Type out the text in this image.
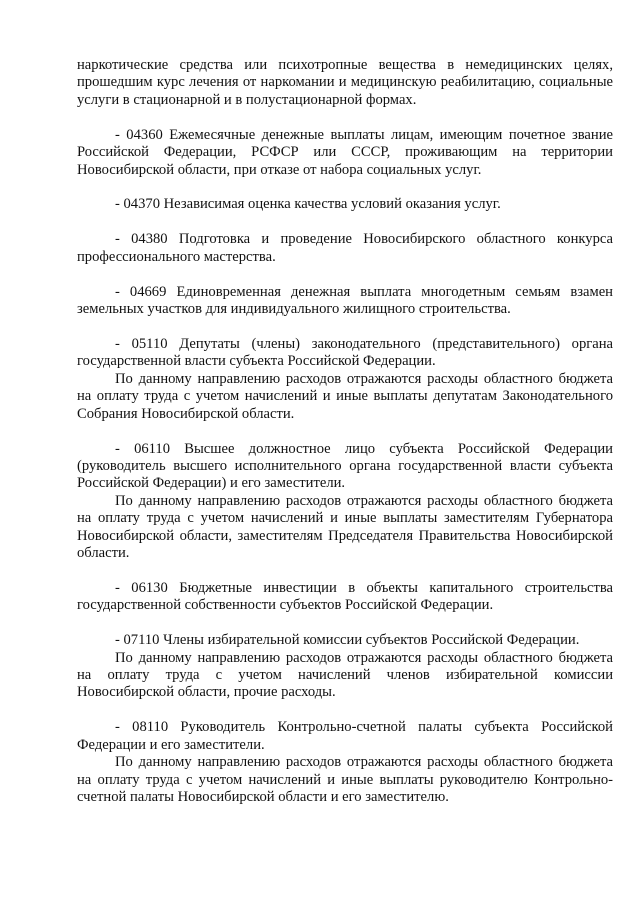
наркотические средства или психотропные вещества в немедицинских целях, прошедшим курс лечения от наркомании и медицинскую реабилитацию, социальные услуги в стационарной и в полустационарной формах.

- 04360 Ежемесячные денежные выплаты лицам, имеющим почетное звание Российской Федерации, РСФСР или СССР, проживающим на территории Новосибирской области, при отказе от набора социальных услуг.

- 04370 Независимая оценка качества условий оказания услуг.

- 04380 Подготовка и проведение Новосибирского областного конкурса профессионального мастерства.

- 04669 Единовременная денежная выплата многодетным семьям взамен земельных участков для индивидуального жилищного строительства.

- 05110 Депутаты (члены) законодательного (представительного) органа государственной власти субъекта Российской Федерации.

По данному направлению расходов отражаются расходы областного бюджета на оплату труда с учетом начислений и иные выплаты депутатам Законодательного Собрания Новосибирской области.

- 06110 Высшее должностное лицо субъекта Российской Федерации (руководитель высшего исполнительного органа государственной власти субъекта Российской Федерации) и его заместители.

По данному направлению расходов отражаются расходы областного бюджета на оплату труда с учетом начислений и иные выплаты заместителям Губернатора Новосибирской области, заместителям Председателя Правительства Новосибирской области.

- 06130 Бюджетные инвестиции в объекты капитального строительства государственной собственности субъектов Российской Федерации.

- 07110 Члены избирательной комиссии субъектов Российской Федерации.

По данному направлению расходов отражаются расходы областного бюджета на оплату труда с учетом начислений членов избирательной комиссии Новосибирской области, прочие расходы.

- 08110 Руководитель Контрольно-счетной палаты субъекта Российской Федерации и его заместители.

По данному направлению расходов отражаются расходы областного бюджета на оплату труда с учетом начислений и иные выплаты руководителю Контрольно-счетной палаты Новосибирской области и его заместителю.
